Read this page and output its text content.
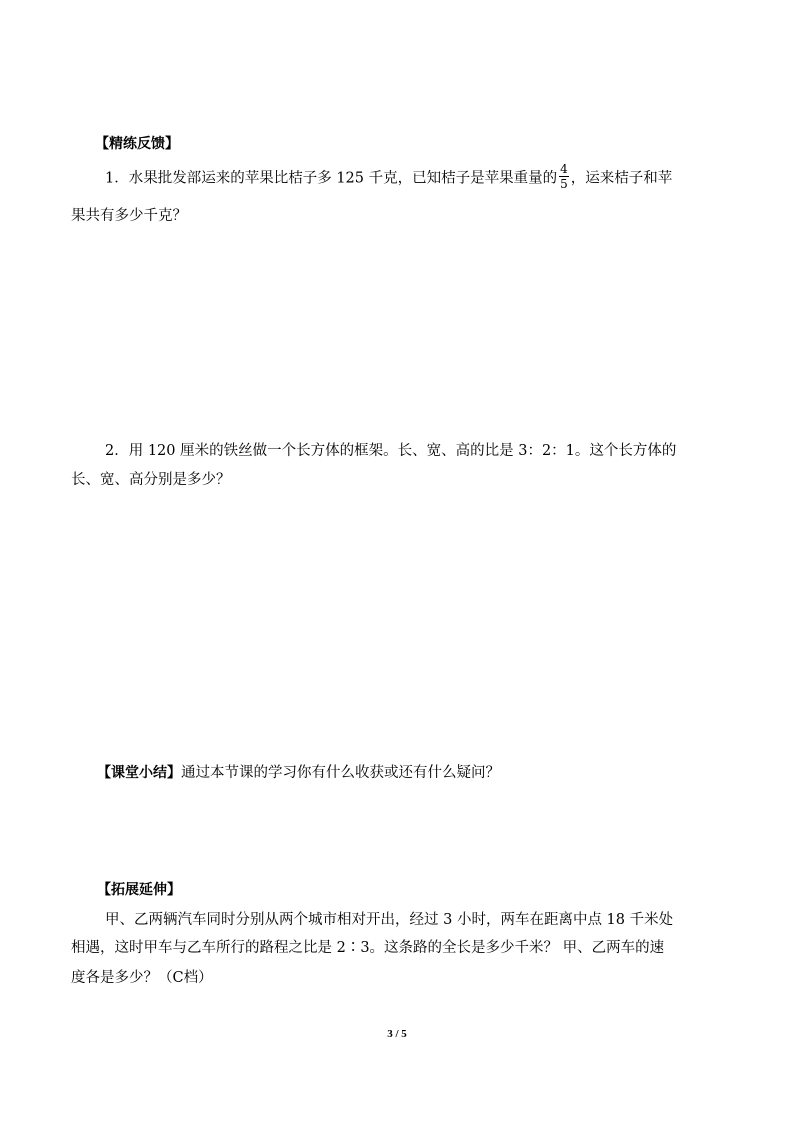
【精练反馈】
1．水果批发部运来的苹果比桔子多 125 千克，已知桔子是苹果重量的 $\frac{4}{5}$ ，运来桔子和苹
果共有多少千克？
2．用 120 厘米的铁丝做一个长方体的框架。长、宽、高的比是 3：2：1。这个长方体的
长、宽、高分别是多少？
【课堂小结】通过本节课的学习你有什么收获或还有什么疑问？
【拓展延伸】
甲、乙两辆汽车同时分别从两个城市相对开出，经过 3 小时，两车在距离中点 18 千米处
相遇，这时甲车与乙车所行的路程之比是 2∶3。这条路的全长是多少千米？ 甲、乙两车的速
度各是多少？（C档）
3 / 5
